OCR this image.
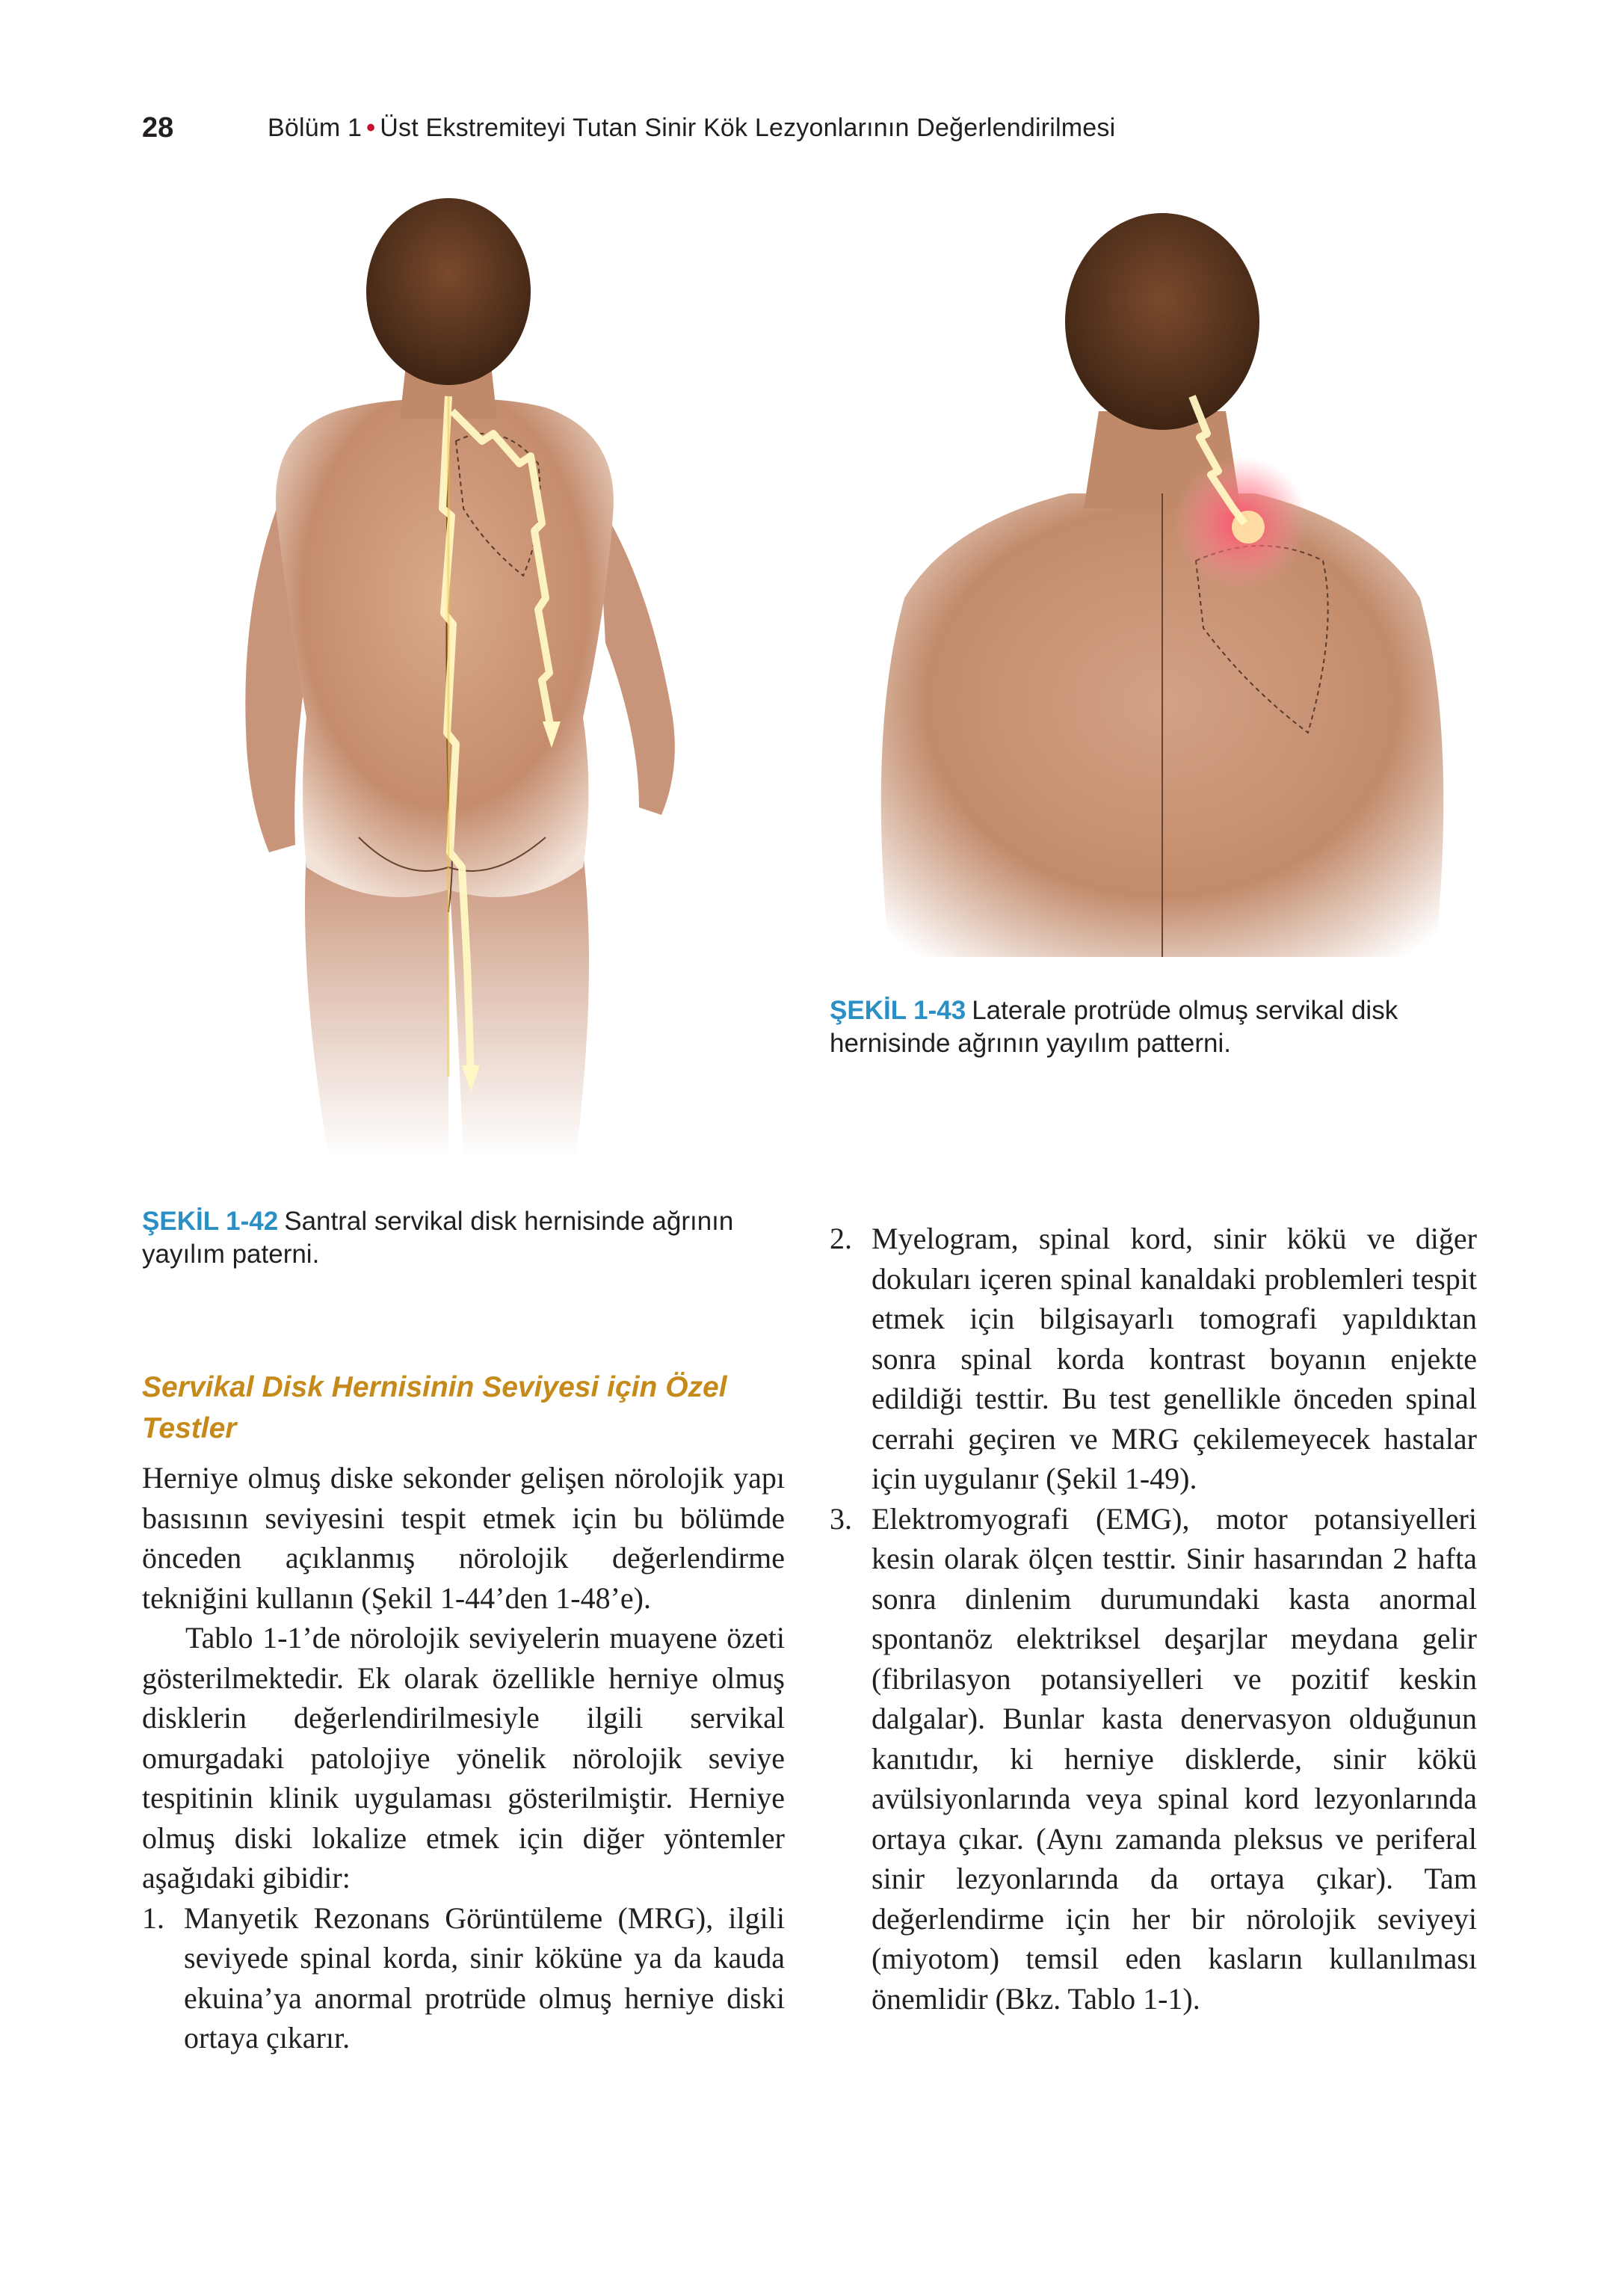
28	Bölüm 1 • Üst Ekstremiteyi Tutan Sinir Kök Lezyonlarının Değerlendirilmesi
ŞEKİL 1-43 Laterale protrüde olmuş servikal disk hernisinde ağrının yayılım patterni.
ŞEKİL 1-42 Santral servikal disk hernisinde ağrının yayılım paterni.
Servikal Disk Hernisinin Seviyesi için Özel Testler

Herniye olmuş diske sekonder gelişen nörolojik yapı basısının seviyesini tespit etmek için bu bölümde önceden açıklanmış nörolojik değerlendirme tekniğini kullanın (Şekil 1-44’den 1-48’e).

Tablo 1-1’de nörolojik seviyelerin muayene özeti gösterilmektedir. Ek olarak özellikle herniye olmuş disklerin değerlendirilmesiyle ilgili servikal omurgadaki patolojiye yönelik nörolojik seviye tespitinin klinik uygulaması gösterilmiştir. Herniye olmuş diski lokalize etmek için diğer yöntemler aşağıdaki gibidir:

1. Manyetik Rezonans Görüntüleme (MRG), ilgili seviyede spinal korda, sinir köküne ya da kauda ekuina’ya anormal protrüde olmuş herniye diski ortaya çıkarır.
2. Myelogram, spinal kord, sinir kökü ve diğer dokuları içeren spinal kanaldaki problemleri tespit etmek için bilgisayarlı tomografi yapıldıktan sonra spinal korda kontrast boyanın enjekte edildiği testtir. Bu test genellikle önceden spinal cerrahi geçiren ve MRG çekilemeyecek hastalar için uygulanır (Şekil 1-49).
3. Elektromyografi (EMG), motor potansiyelleri kesin olarak ölçen testtir. Sinir hasarından 2 hafta sonra dinlenim durumundaki kasta anormal spontanöz elektriksel deşarjlar meydana gelir (fibrilasyon potansiyelleri ve pozitif keskin dalgalar). Bunlar kasta denervasyon olduğunun kanıtıdır, ki herniye disklerde, sinir kökü avülsiyonlarında veya spinal kord lezyonlarında ortaya çıkar. (Aynı zamanda pleksus ve periferal sinir lezyonlarında da ortaya çıkar). Tam değerlendirme için her bir nörolojik seviyeyi (miyotom) temsil eden kasların kullanılması önemlidir (Bkz. Tablo 1-1).
